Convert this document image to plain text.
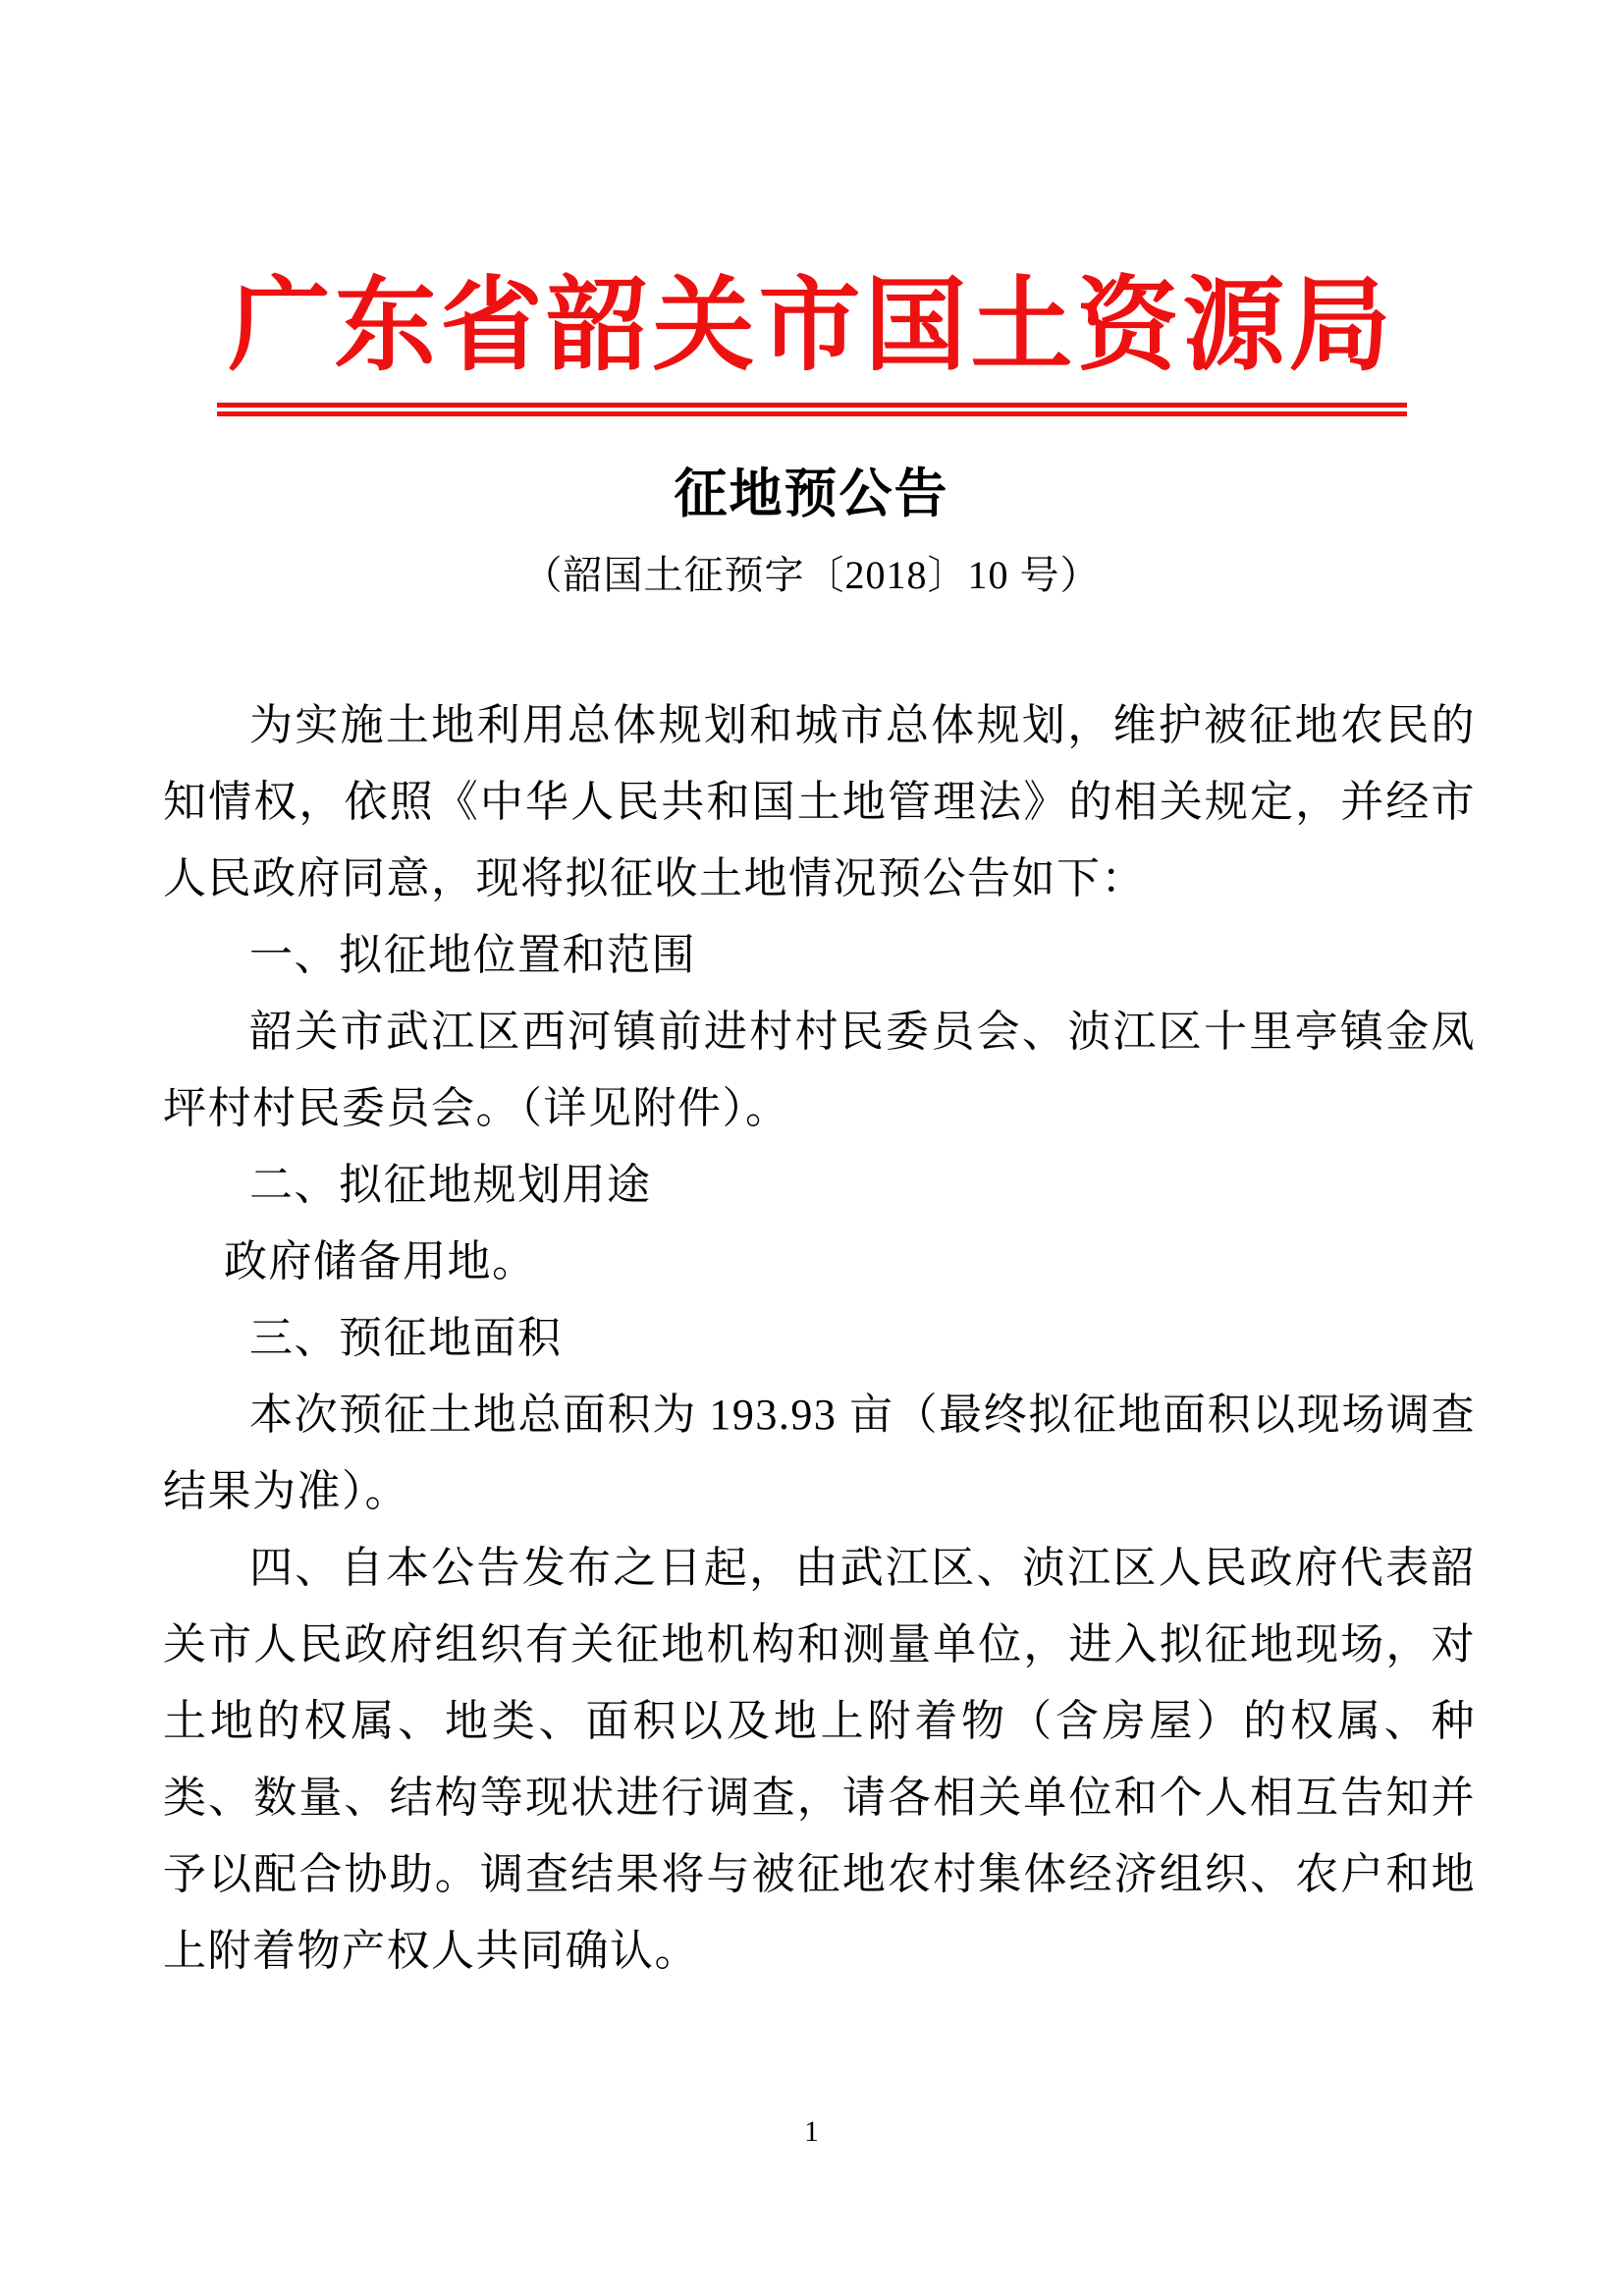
广东省韶关市国土资源局
征地预公告
（韶国土征预字〔2018〕10 号）

为实施土地利用总体规划和城市总体规划，维护被征地农民的知情权，依照《中华人民共和国土地管理法》的相关规定，并经市人民政府同意，现将拟征收土地情况预公告如下：

一、拟征地位置和范围

韶关市武江区西河镇前进村村民委员会、浈江区十里亭镇金凤坪村村民委员会。（详见附件）。

二、拟征地规划用途

政府储备用地。

三、预征地面积

本次预征土地总面积为 193.93 亩（最终拟征地面积以现场调查结果为准）。

四、自本公告发布之日起，由武江区、浈江区人民政府代表韶关市人民政府组织有关征地机构和测量单位，进入拟征地现场，对土地的权属、地类、面积以及地上附着物（含房屋）的权属、种类、数量、结构等现状进行调查，请各相关单位和个人相互告知并予以配合协助。调查结果将与被征地农村集体经济组织、农户和地上附着物产权人共同确认。

1
